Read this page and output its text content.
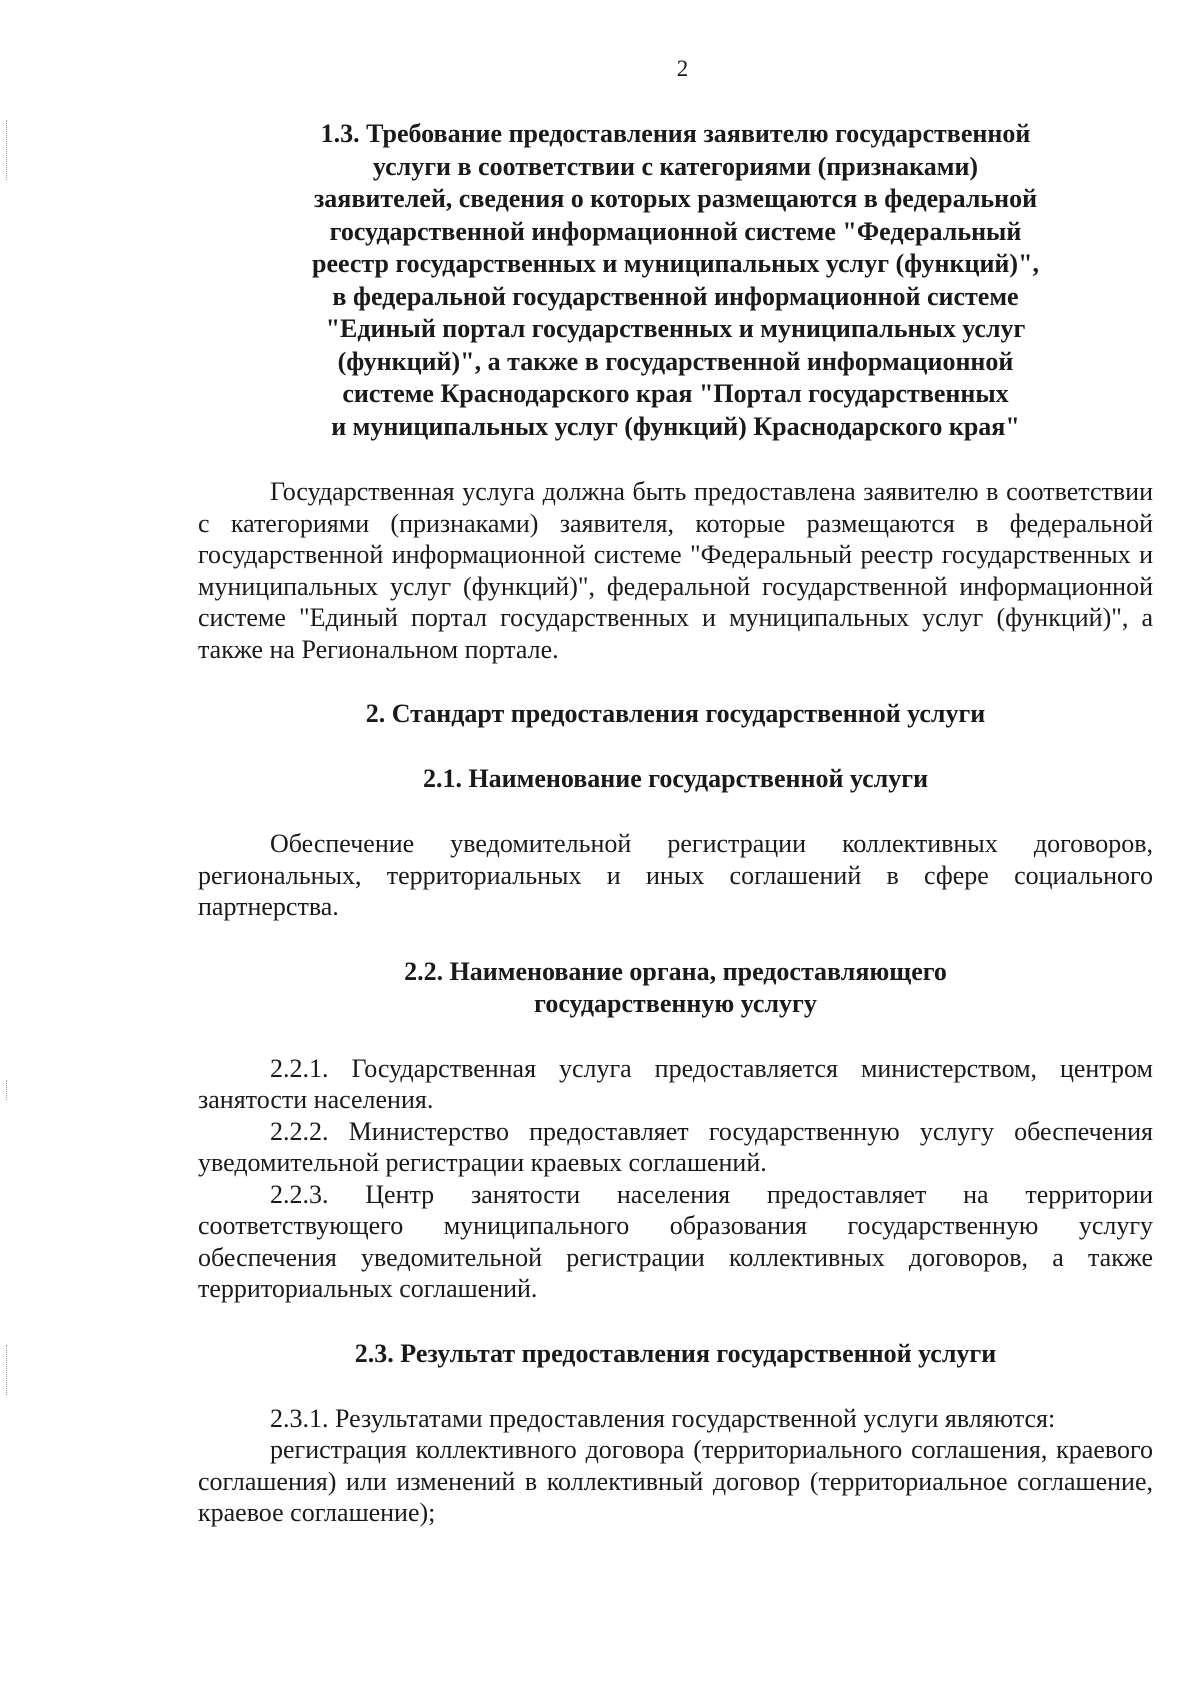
2
1.3. Требование предоставления заявителю государственной
услуги в соответствии с категориями (признаками)
заявителей, сведения о которых размещаются в федеральной
государственной информационной системе "Федеральный
реестр государственных и муниципальных услуг (функций)",
в федеральной государственной информационной системе
"Единый портал государственных и муниципальных услуг
(функций)", а также в государственной информационной
системе Краснодарского края "Портал государственных
и муниципальных услуг (функций) Краснодарского края"

Государственная услуга должна быть предоставлена заявителю в соответствии с категориями (признаками) заявителя, которые размещаются в федеральной государственной информационной системе "Федеральный реестр государственных и муниципальных услуг (функций)", федеральной государственной информационной системе "Единый портал государственных и муниципальных услуг (функций)", а также на Региональном портале.

2. Стандарт предоставления государственной услуги
2.1. Наименование государственной услуги

Обеспечение уведомительной регистрации коллективных договоров, региональных, территориальных и иных соглашений в сфере социального партнерства.

2.2. Наименование органа, предоставляющего
государственную услугу

2.2.1. Государственная услуга предоставляется министерством, центром занятости населения.

2.2.2. Министерство предоставляет государственную услугу обеспечения уведомительной регистрации краевых соглашений.

2.2.3. Центр занятости населения предоставляет на территории соответствующего муниципального образования государственную услугу обеспечения уведомительной регистрации коллективных договоров, а также территориальных соглашений.

2.3. Результат предоставления государственной услуги

2.3.1. Результатами предоставления государственной услуги являются:

регистрация коллективного договора (территориального соглашения, краевого соглашения) или изменений в коллективный договор (территориальное соглашение, краевое соглашение);
